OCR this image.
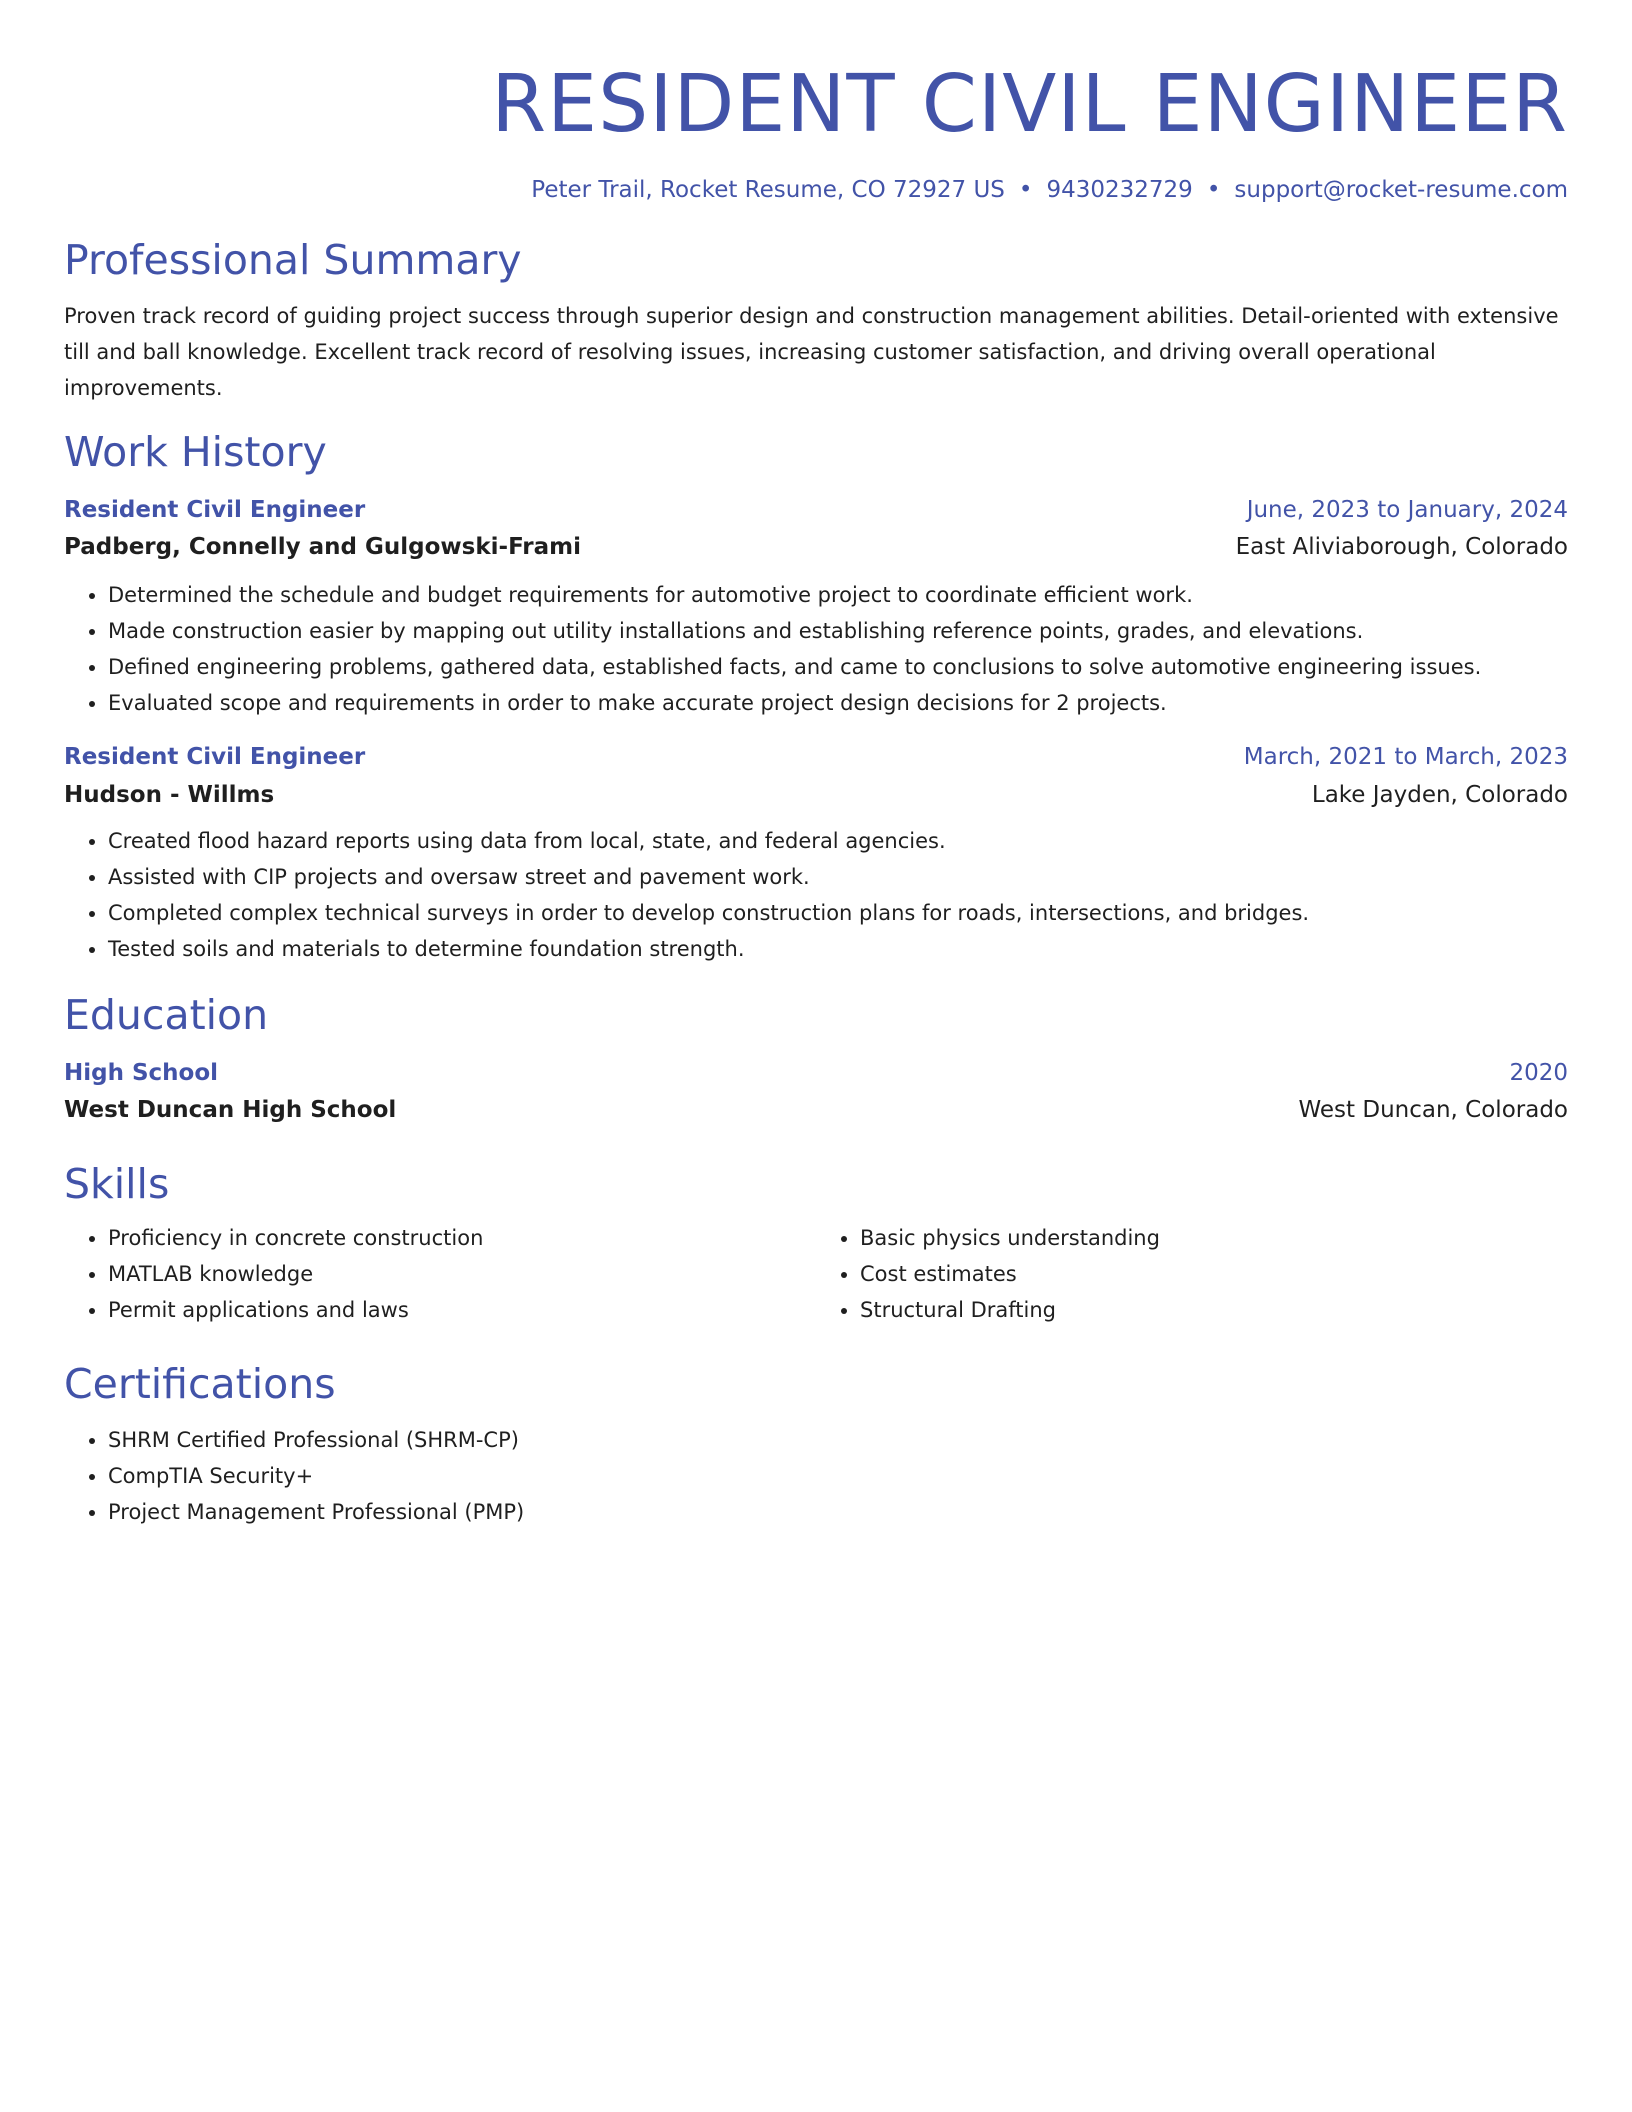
RESIDENT CIVIL ENGINEER
Peter Trail, Rocket Resume, CO 72927 US • 9430232729 • support@rocket-resume.com
Professional Summary

Proven track record of guiding project success through superior design and construction management abilities. Detail-oriented with extensive till and ball knowledge. Excellent track record of resolving issues, increasing customer satisfaction, and driving overall operational improvements.

Work History
Resident Civil Engineer	June, 2023 to January, 2024
Padberg, Connelly and Gulgowski-Frami	East Aliviaborough, Colorado
• Determined the schedule and budget requirements for automotive project to coordinate efficient work.
• Made construction easier by mapping out utility installations and establishing reference points, grades, and elevations.
• Defined engineering problems, gathered data, established facts, and came to conclusions to solve automotive engineering issues.
• Evaluated scope and requirements in order to make accurate project design decisions for 2 projects.
Resident Civil Engineer	March, 2021 to March, 2023
Hudson - Willms	Lake Jayden, Colorado
• Created flood hazard reports using data from local, state, and federal agencies.
• Assisted with CIP projects and oversaw street and pavement work.
• Completed complex technical surveys in order to develop construction plans for roads, intersections, and bridges.
• Tested soils and materials to determine foundation strength.
Education
High School	2020
West Duncan High School	West Duncan, Colorado
Skills
• Proficiency in concrete construction
• MATLAB knowledge
• Permit applications and laws
• Basic physics understanding
• Cost estimates
• Structural Drafting
Certifications
• SHRM Certified Professional (SHRM-CP)
• CompTIA Security+
• Project Management Professional (PMP)
